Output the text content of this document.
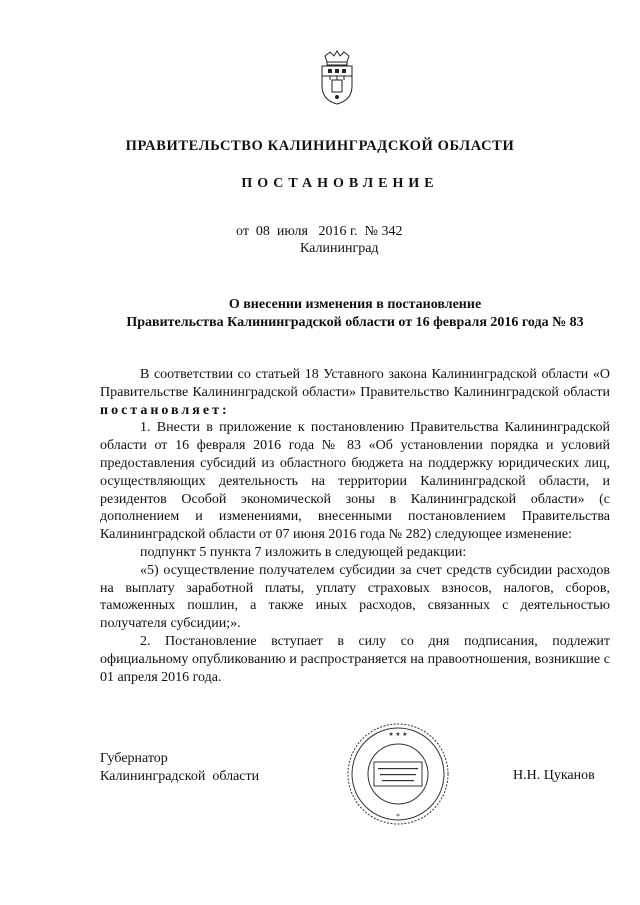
ПРАВИТЕЛЬСТВО КАЛИНИНГРАДСКОЙ ОБЛАСТИ
ПОСТАНОВЛЕНИЕ
от  08  июля   2016 г.  № 342
Калининград
О внесении изменения в постановление
Правительства Калининградской области от 16 февраля 2016 года № 83

В соответствии со статьей 18 Уставного закона Калининградской области «О Правительстве Калининградской области» Правительство Калининградской области постановляет:

1. Внести в приложение к постановлению Правительства Калининградской области от 16 февраля 2016 года № 83 «Об установлении порядка и условий предоставления субсидий из областного бюджета на поддержку юридических лиц, осуществляющих деятельность на территории Калининградской области, и резидентов Особой экономической зоны в Калининградской области» (с дополнением и изменениями, внесенными постановлением Правительства Калининградской области от 07 июня 2016 года № 282) следующее изменение:

подпункт 5 пункта 7 изложить в следующей редакции:

«5) осуществление получателем субсидии за счет средств субсидии расходов на выплату заработной платы, уплату страховых взносов, налогов, сборов, таможенных пошлин, а также иных расходов, связанных с деятельностью получателя субсидии;».

2. Постановление вступает в силу со дня подписания, подлежит официальному опубликованию и распространяется на правоотношения, возникшие с 01 апреля 2016 года.

Губернатор
Калининградской  области
★ ★ ★
*
Н.Н. Цуканов
